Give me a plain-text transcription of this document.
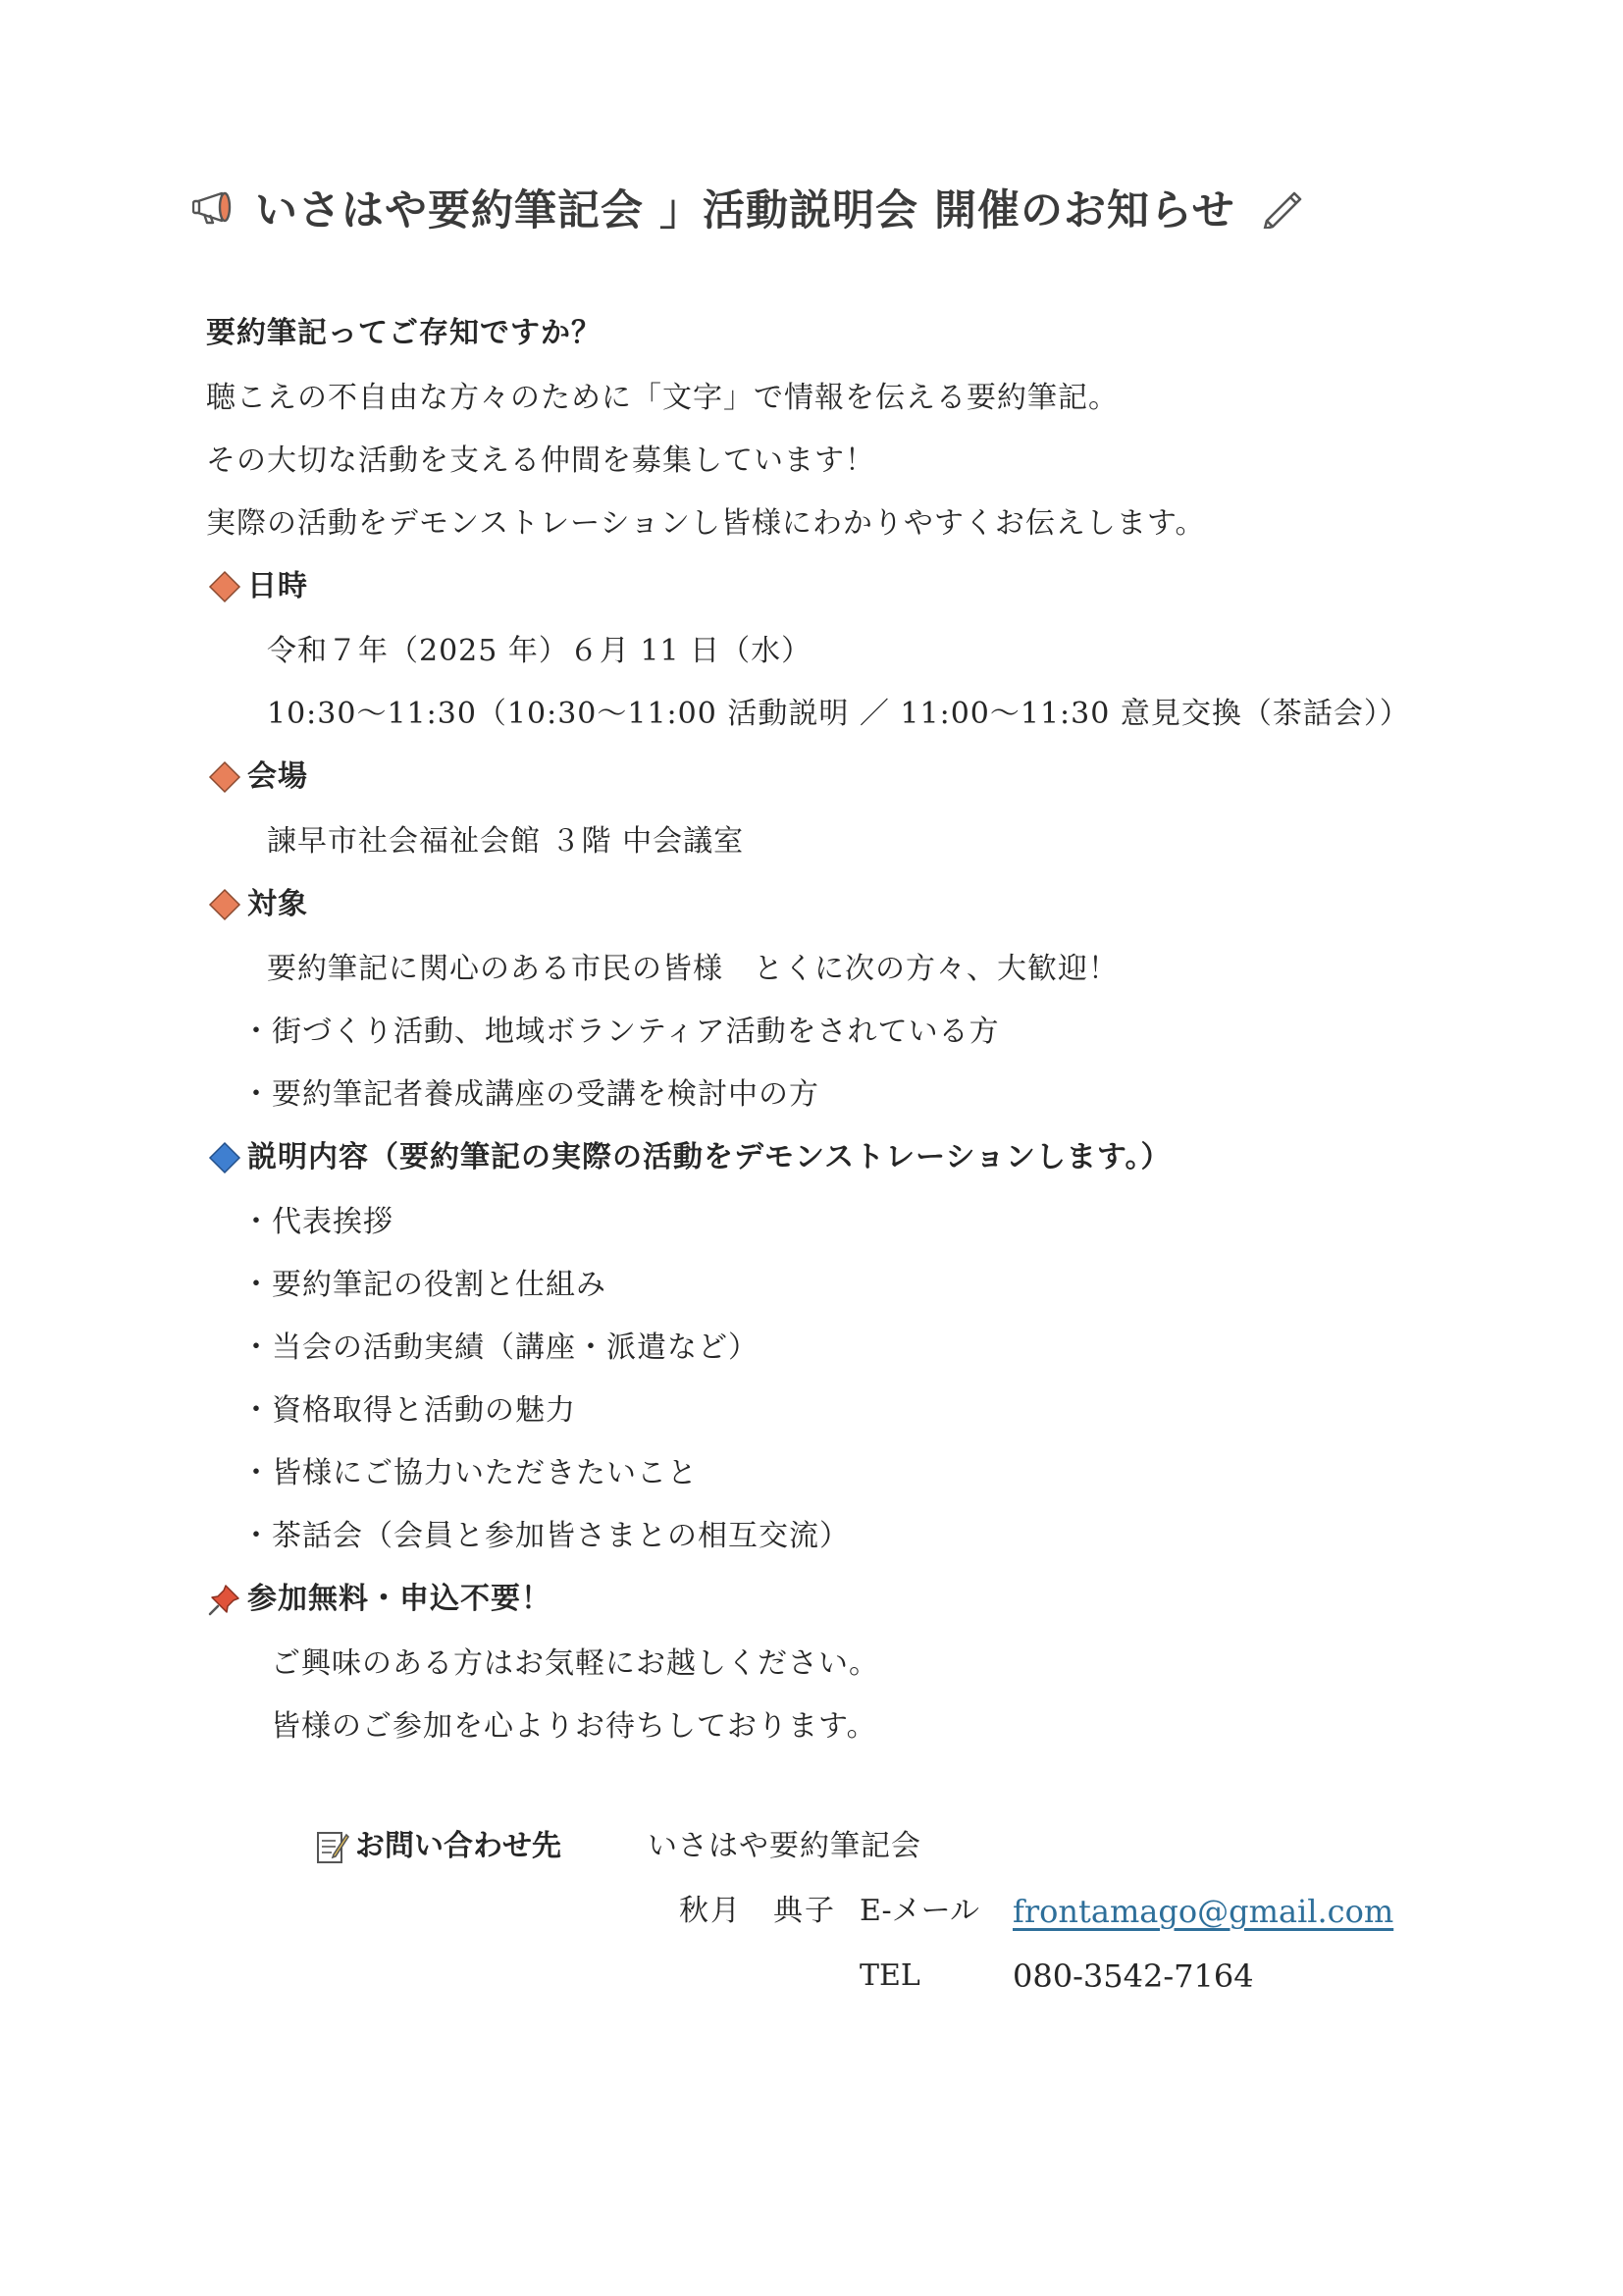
いさはや要約筆記会 」活動説明会 開催のお知らせ
要約筆記ってご存知ですか？
聴こえの不自由な方々のために「文字」で情報を伝える要約筆記。
その大切な活動を支える仲間を募集しています！
実際の活動をデモンストレーションし皆様にわかりやすくお伝えします。
日時
令和７年（2025 年）６月 11 日（水）
10:30～11:30（10:30～11:00 活動説明 ／ 11:00～11:30 意見交換（茶話会））
会場
諫早市社会福祉会館 ３階 中会議室
対象
要約筆記に関心のある市民の皆様　とくに次の方々、大歓迎！
・街づくり活動、地域ボランティア活動をされている方
・要約筆記者養成講座の受講を検討中の方
説明内容（要約筆記の実際の活動をデモンストレーションします。）
・代表挨拶
・要約筆記の役割と仕組み
・当会の活動実績（講座・派遣など）
・資格取得と活動の魅力
・皆様にご協力いただきたいこと
・茶話会（会員と参加皆さまとの相互交流）
参加無料・申込不要！
ご興味のある方はお気軽にお越しください。
皆様のご参加を心よりお待ちしております。
お問い合わせ先	いさはや要約筆記会
秋月　典子 E-メール frontamago@gmail.com
TEL	080-3542-7164
